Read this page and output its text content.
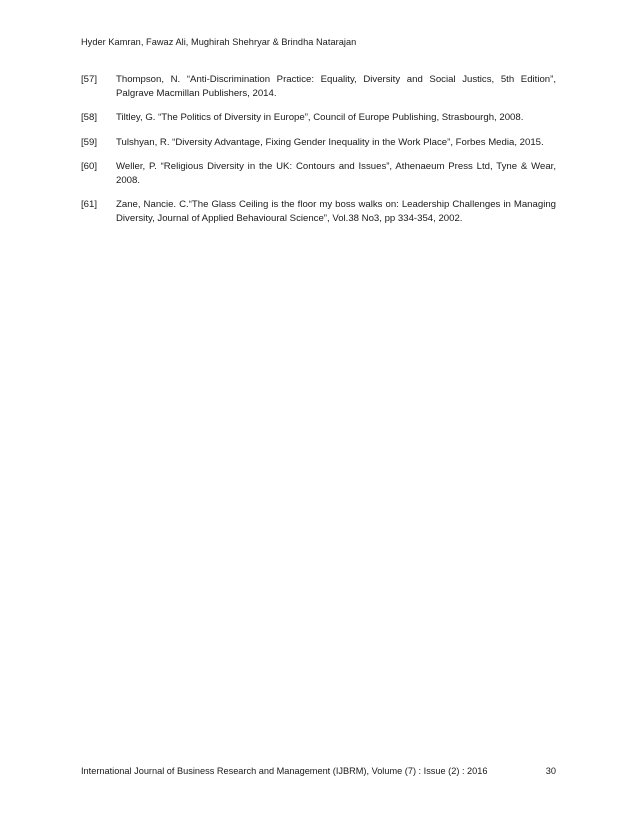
Hyder Kamran, Fawaz Ali, Mughirah Shehryar & Brindha Natarajan
[57]	Thompson, N. “Anti-Discrimination Practice: Equality, Diversity and Social Justics, 5th Edition”, Palgrave Macmillan Publishers, 2014.
[58]	Tiltley, G. “The Politics of Diversity in Europe”, Council of Europe Publishing, Strasbourgh, 2008.
[59]	Tulshyan, R. “Diversity Advantage, Fixing Gender Inequality in the Work Place”, Forbes Media, 2015.
[60]	Weller, P. “Religious Diversity in the UK: Contours and Issues”, Athenaeum Press Ltd, Tyne & Wear, 2008.
[61]	Zane, Nancie. C.“The Glass Ceiling is the floor my boss walks on: Leadership Challenges in Managing Diversity, Journal of Applied Behavioural Science”, Vol.38 No3, pp 334-354, 2002.
International Journal of Business Research and Management (IJBRM), Volume (7) : Issue (2) : 2016	30
